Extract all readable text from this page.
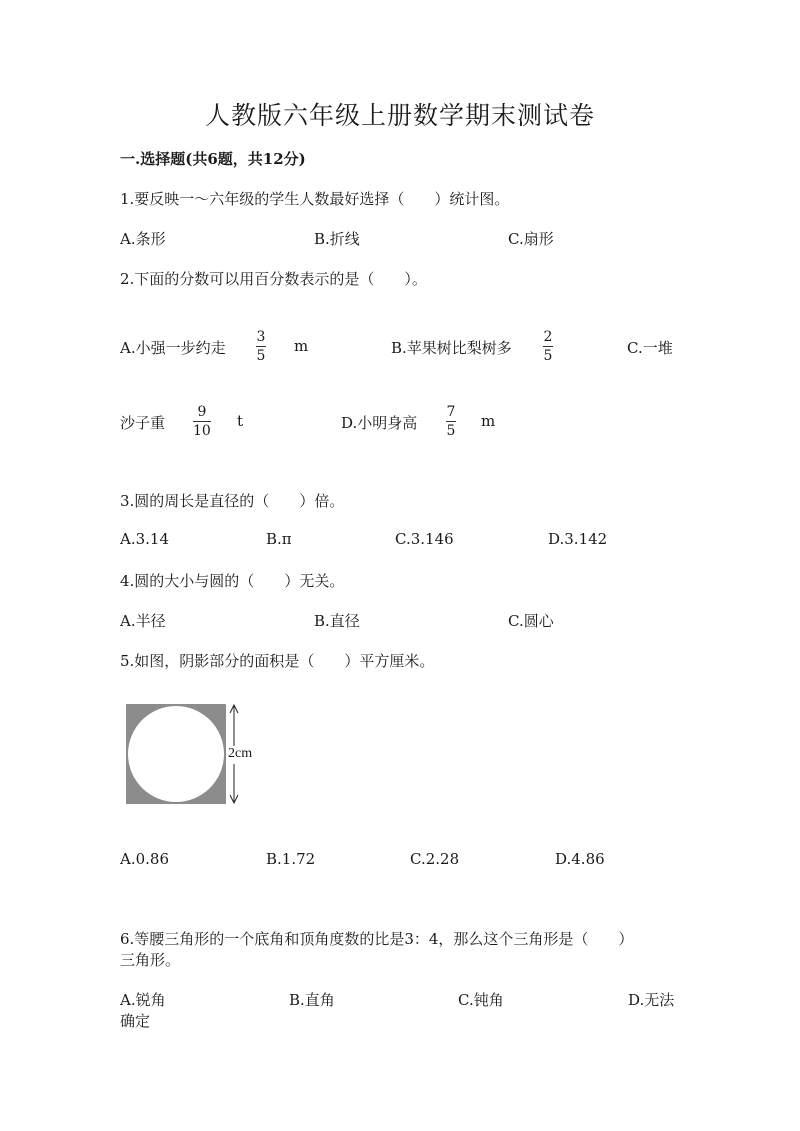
人教版六年级上册数学期末测试卷
一.选择题(共6题，共12分)
1.要反映一～六年级的学生人数最好选择（　　）统计图。
A.条形	B.折线	C.扇形
2.下面的分数可以用百分数表示的是（　　）。
A.小强一步约走
3
5
m	B.苹果树比梨树多
2
5	C.一堆
沙子重
9
10
t	D.小明身高
7
5
m
3.圆的周长是直径的（　　）倍。
A.3.14	B.π	C.3.146	D.3.142
4.圆的大小与圆的（　　）无关。
A.半径	B.直径	C.圆心
5.如图，阴影部分的面积是（　　）平方厘米。
2cm
A.0.86	B.1.72	C.2.28	D.4.86
6.等腰三角形的一个底角和顶角度数的比是3：4，那么这个三角形是（　　）
三角形。
A.锐角	B.直角	C.钝角	D.无法
确定
